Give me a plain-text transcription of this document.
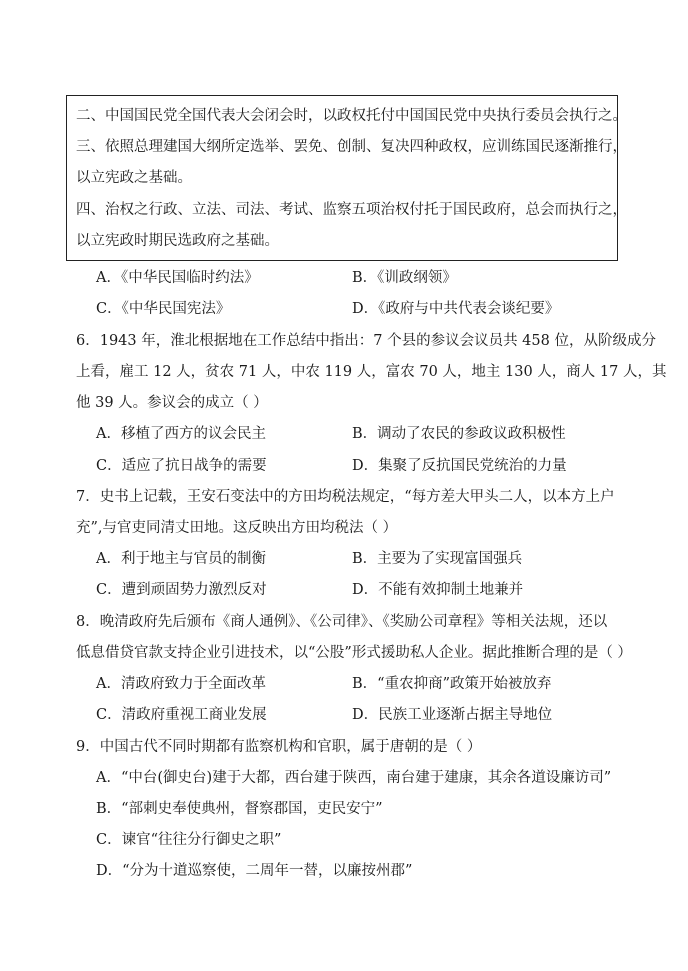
二、中国国民党全国代表大会闭会时，以政权托付中国国民党中央执行委员会执行之。
三、依照总理建国大纲所定选举、罢免、创制、复决四种政权，应训练国民逐渐推行，
以立宪政之基础。
四、治权之行政、立法、司法、考试、监察五项治权付托于国民政府，总会而执行之，
以立宪政时期民选政府之基础。
A．《中华民国临时约法》	B．《训政纲领》
C．《中华民国宪法》	D．《政府与中共代表会谈纪要》
6．1943 年，淮北根据地在工作总结中指出：7 个县的参议会议员共 458 位，从阶级成分
上看，雇工 12 人，贫农 71 人，中农 119 人，富农 70 人，地主 130 人，商人 17 人，其
他 39 人。参议会的成立（ ）
A．移植了西方的议会民主	B．调动了农民的参政议政积极性
C．适应了抗日战争的需要	D．集聚了反抗国民党统治的力量
7．史书上记载，王安石变法中的方田均税法规定，“每方差大甲头二人，以本方上户
充”,与官吏同清丈田地。这反映出方田均税法（ ）
A．利于地主与官员的制衡	B．主要为了实现富国强兵
C．遭到顽固势力激烈反对	D．不能有效抑制土地兼并
8．晚清政府先后颁布《商人通例》、《公司律》、《奖励公司章程》等相关法规，还以
低息借贷官款支持企业引进技术，以“公股”形式援助私人企业。据此推断合理的是（ ）
A．清政府致力于全面改革	B．“重农抑商”政策开始被放弃
C．清政府重视工商业发展	D．民族工业逐渐占据主导地位
9．中国古代不同时期都有监察机构和官职，属于唐朝的是（ ）
A．“中台(御史台)建于大都，西台建于陕西，南台建于建康，其余各道设廉访司”
B．“部刺史奉使典州，督察郡国，吏民安宁”
C．谏官“往往分行御史之职”
D．“分为十道巡察使，二周年一替，以廉按州郡”
